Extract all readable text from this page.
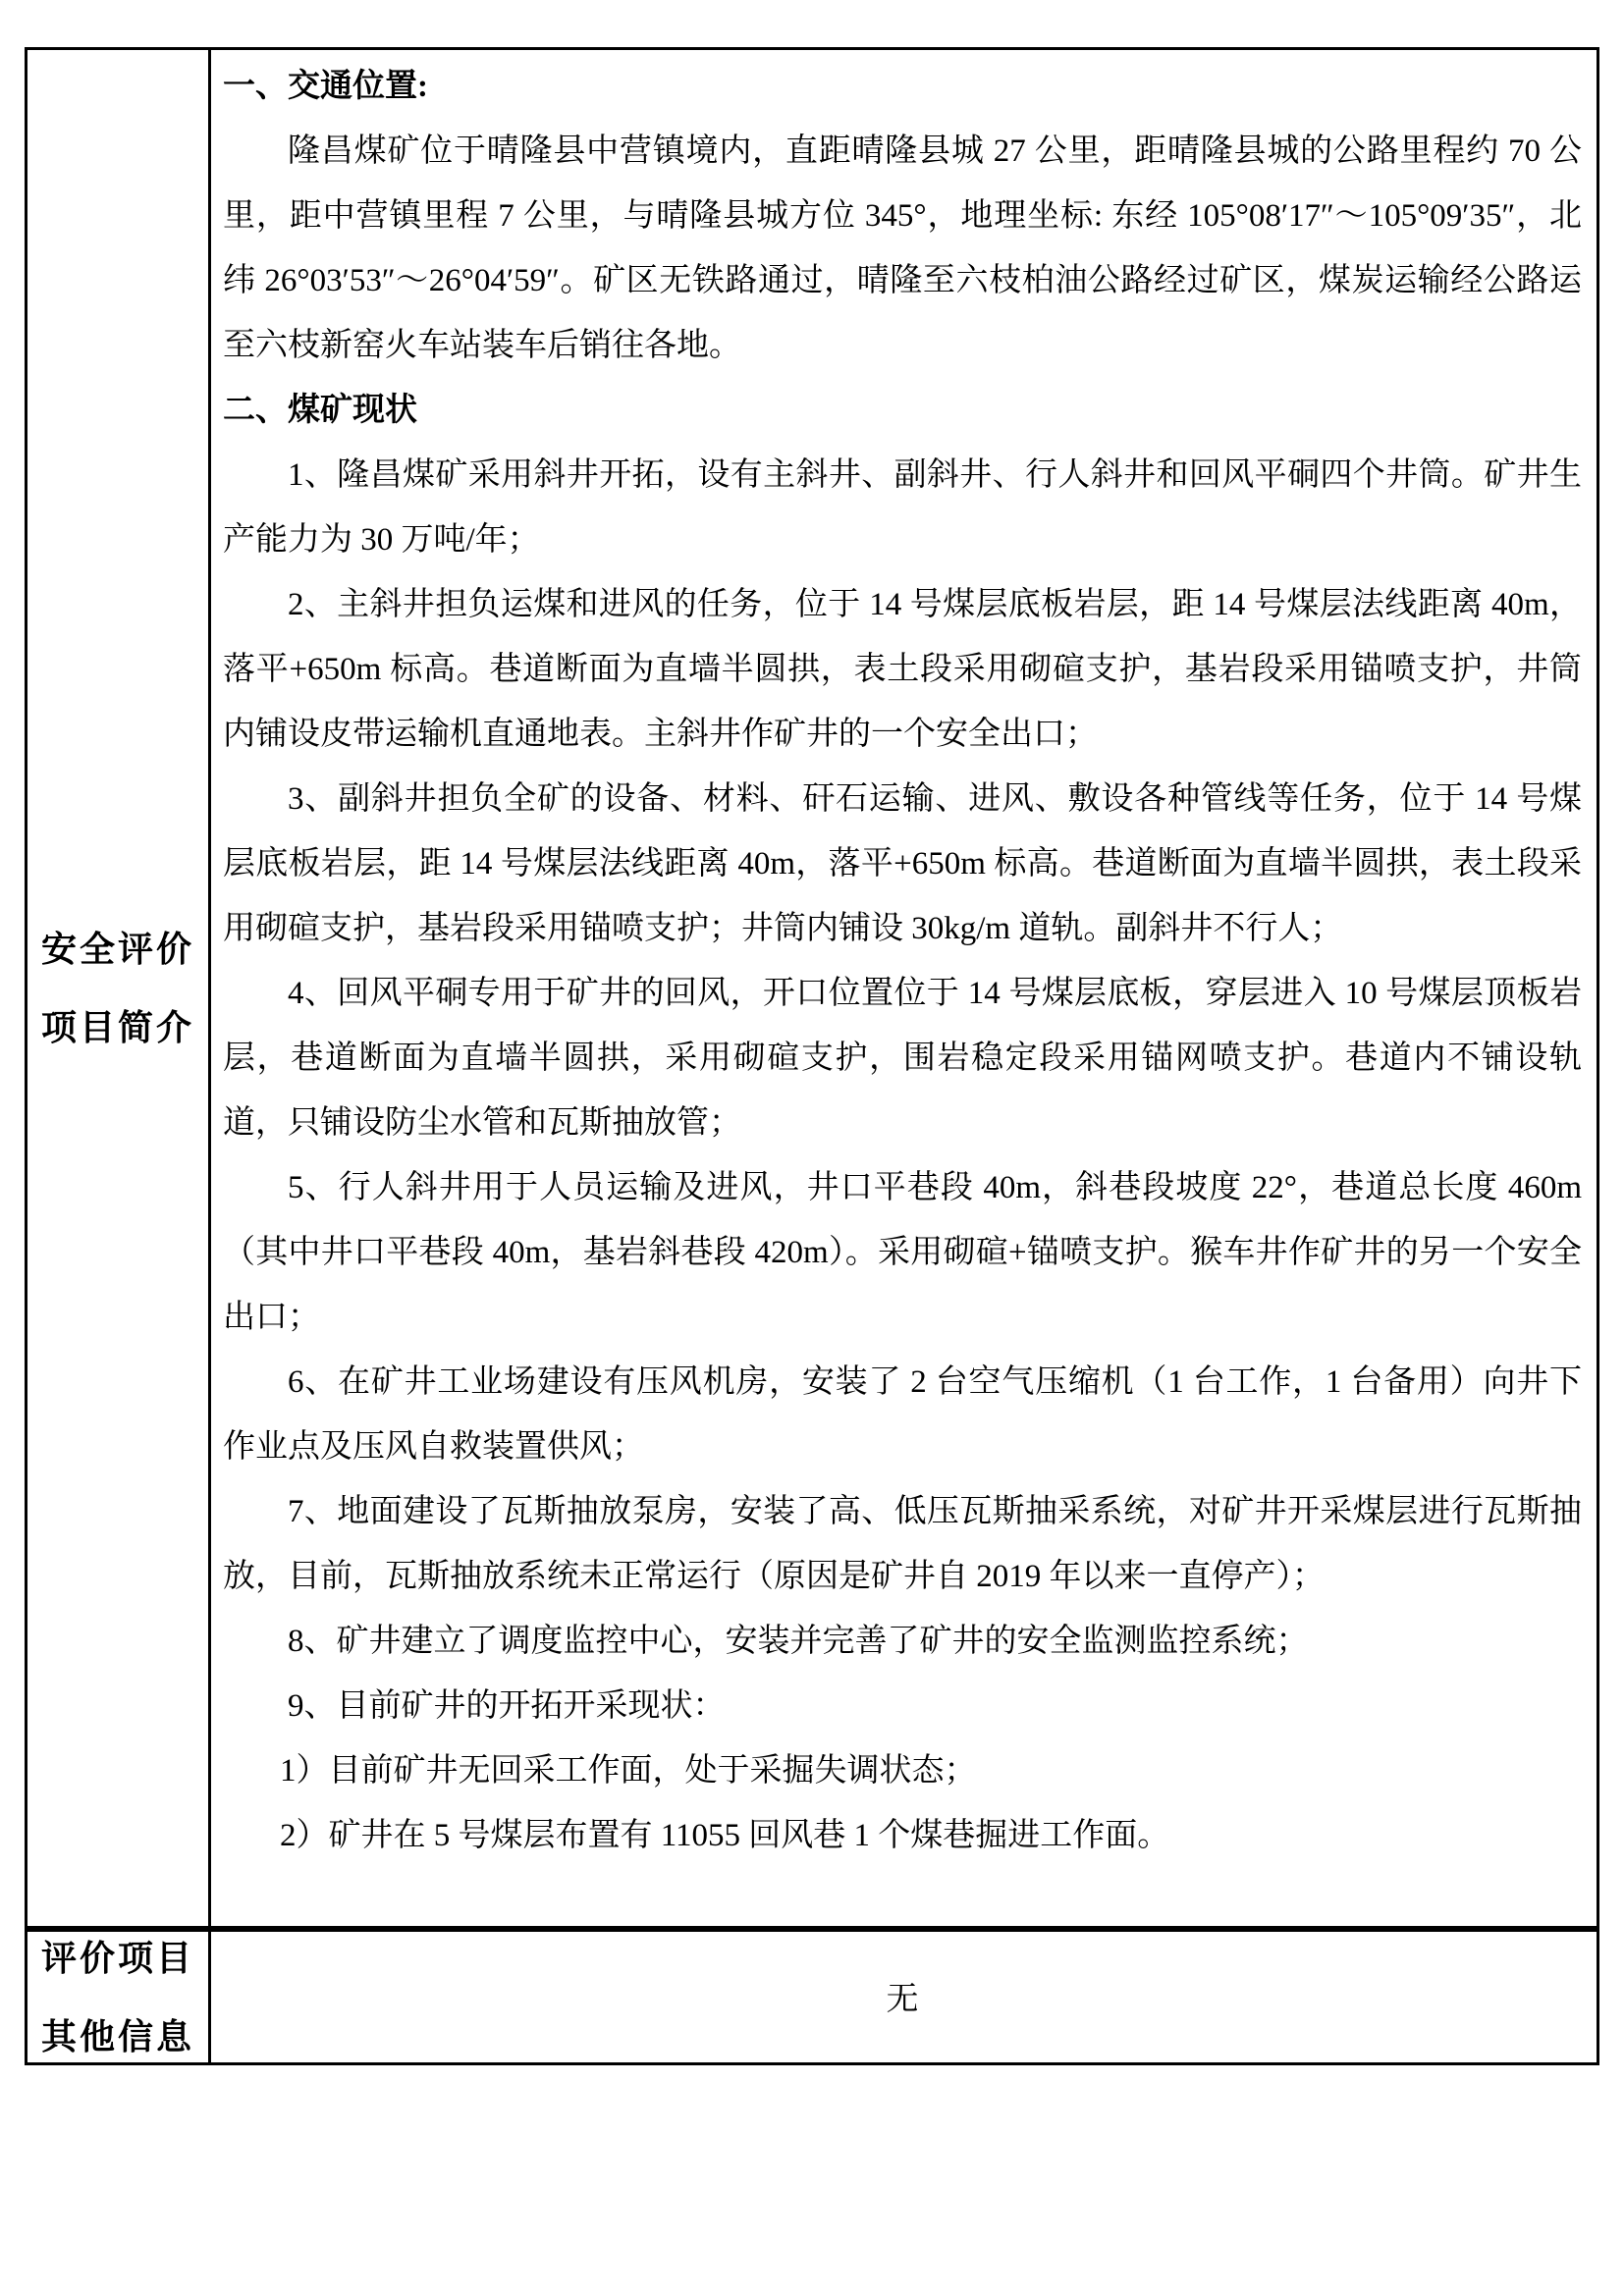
安全评价
项目简介

一、交通位置:

隆昌煤矿位于晴隆县中营镇境内，直距晴隆县城 27 公里，距晴隆县城的公路里程约 70 公里，距中营镇里程 7 公里，与晴隆县城方位 345°，地理坐标: 东经 105°08′17″～105°09′35″，北纬 26°03′53″～26°04′59″。矿区无铁路通过，晴隆至六枝柏油公路经过矿区，煤炭运输经公路运至六枝新窑火车站装车后销往各地。

二、煤矿现状

1、隆昌煤矿采用斜井开拓，设有主斜井、副斜井、行人斜井和回风平硐四个井筒。矿井生产能力为 30 万吨/年；

2、主斜井担负运煤和进风的任务，位于 14 号煤层底板岩层，距 14 号煤层法线距离 40m，落平+650m 标高。巷道断面为直墙半圆拱，表土段采用砌碹支护，基岩段采用锚喷支护，井筒内铺设皮带运输机直通地表。主斜井作矿井的一个安全出口；

3、副斜井担负全矿的设备、材料、矸石运输、进风、敷设各种管线等任务，位于 14 号煤层底板岩层，距 14 号煤层法线距离 40m，落平+650m 标高。巷道断面为直墙半圆拱，表土段采用砌碹支护，基岩段采用锚喷支护；井筒内铺设 30kg/m 道轨。副斜井不行人；

4、回风平硐专用于矿井的回风，开口位置位于 14 号煤层底板，穿层进入 10 号煤层顶板岩层，巷道断面为直墙半圆拱，采用砌碹支护，围岩稳定段采用锚网喷支护。巷道内不铺设轨道，只铺设防尘水管和瓦斯抽放管；

5、行人斜井用于人员运输及进风，井口平巷段 40m，斜巷段坡度 22°，巷道总长度 460m（其中井口平巷段 40m，基岩斜巷段 420m）。采用砌碹+锚喷支护。猴车井作矿井的另一个安全出口；

6、在矿井工业场建设有压风机房，安装了 2 台空气压缩机（1 台工作，1 台备用）向井下作业点及压风自救装置供风；

7、地面建设了瓦斯抽放泵房，安装了高、低压瓦斯抽采系统，对矿井开采煤层进行瓦斯抽放，目前，瓦斯抽放系统未正常运行（原因是矿井自 2019 年以来一直停产）；

8、矿井建立了调度监控中心，安装并完善了矿井的安全监测监控系统；

9、目前矿井的开拓开采现状：

1）目前矿井无回采工作面，处于采掘失调状态；

2）矿井在 5 号煤层布置有 11055 回风巷 1 个煤巷掘进工作面。

评价项目
其他信息
无
